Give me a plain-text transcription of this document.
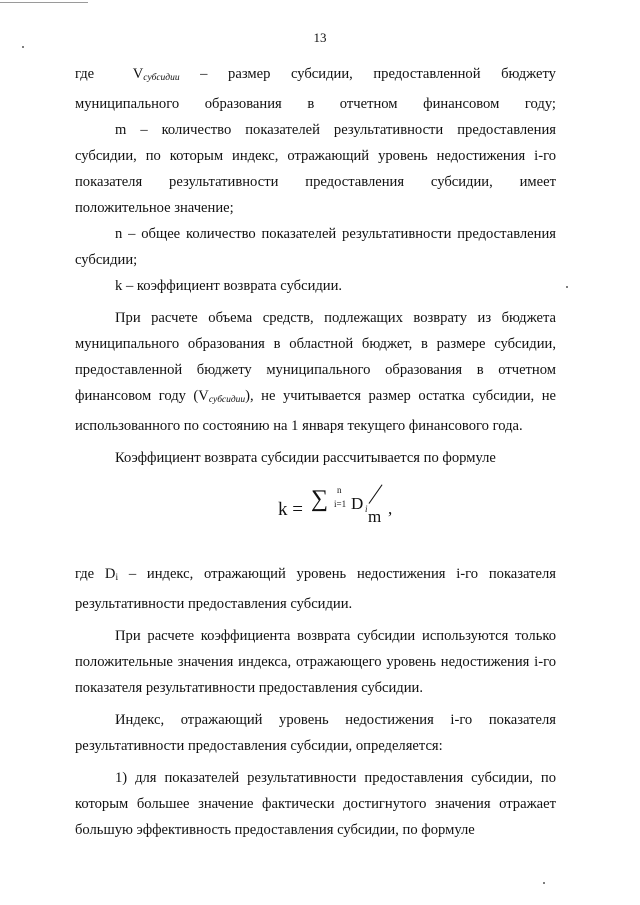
13

где $V_{субсидии}$ – размер субсидии, предоставленной бюджету муниципального образования в отчетном финансовом году;

m – количество показателей результативности предоставления субсидии, по которым индекс, отражающий уровень недостижения i-го показателя результативности предоставления субсидии, имеет положительное значение;

n – общее количество показателей результативности предоставления субсидии;

k – коэффициент возврата субсидии.

При расчете объема средств, подлежащих возврату из бюджета муниципального образования в областной бюджет, в размере субсидии, предоставленной бюджету муниципального образования в отчетном финансовом году $(V_{субсидии})$, не учитывается размер остатка субсидии, не использованного по состоянию на 1 января текущего финансового года.

Коэффициент возврата субсидии рассчитывается по формуле

k = ∑ n
i=1 D i m ,

где $D_i$ – индекс, отражающий уровень недостижения i-го показателя результативности предоставления субсидии.

При расчете коэффициента возврата субсидии используются только положительные значения индекса, отражающего уровень недостижения i-го показателя результативности предоставления субсидии.

Индекс, отражающий уровень недостижения i-го показателя результативности предоставления субсидии, определяется:

1) для показателей результативности предоставления субсидии, по которым большее значение фактически достигнутого значения отражает большую эффективность предоставления субсидии, по формуле
